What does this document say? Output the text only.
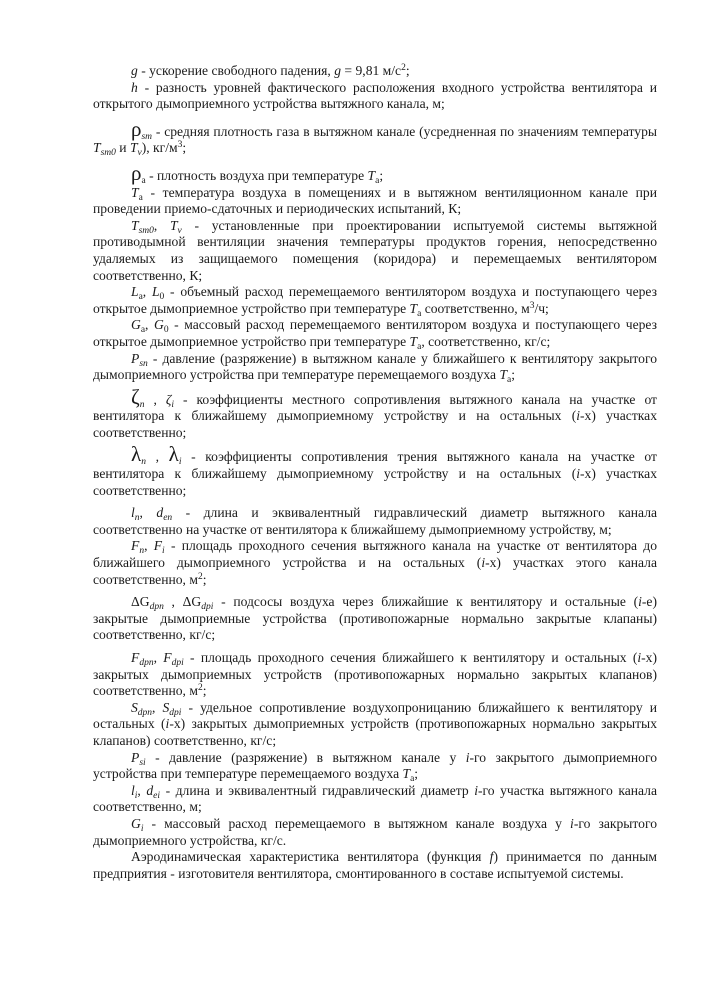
g - ускорение свободного падения, g = 9,81 $м/с^2$;

h - разность уровней фактического расположения входного устройства вентилятора и открытого дымоприемного устройства вытяжного канала, м;

$\rho_{sm}$ - средняя плотность газа в вытяжном канале (усредненная по значениям температуры $T_{sm0}$ и $T_v$), $кг/м^3$;

$\rho_a$ - плотность воздуха при температуре $T_a$;

$T_a$ - температура воздуха в помещениях и в вытяжном вентиляционном канале при проведении приемо-сдаточных и периодических испытаний, К;

$T_{sm0}$, $T_v$ - установленные при проектировании испытуемой системы вытяжной противодымной вентиляции значения температуры продуктов горения, непосредственно удаляемых из защищаемого помещения (коридора) и перемещаемых вентилятором соответственно, К;

$L_a$, $L_0$ - объемный расход перемещаемого вентилятором воздуха и поступающего через открытое дымоприемное устройство при температуре $T_a$ соответственно, $м^3/ч$;

$G_a$, $G_0$ - массовый расход перемещаемого вентилятором воздуха и поступающего через открытое дымоприемное устройство при температуре $T_a$, соответственно, кг/с;

$P_{sn}$ - давление (разряжение) в вытяжном канале у ближайшего к вентилятору закрытого дымоприемного устройства при температуре перемещаемого воздуха $T_a$;

$\zeta_n$ , $\zeta_i$ - коэффициенты местного сопротивления вытяжного канала на участке от вентилятора к ближайшему дымоприемному устройству и на остальных (i-х) участках соответственно;

$\lambda_n$ , $\lambda_i$ - коэффициенты сопротивления трения вытяжного канала на участке от вентилятора к ближайшему дымоприемному устройству и на остальных (i-х) участках соответственно;

$l_n$, $d_{en}$ - длина и эквивалентный гидравлический диаметр вытяжного канала соответственно на участке от вентилятора к ближайшему дымоприемному устройству, м;

$F_n$, $F_i$ - площадь проходного сечения вытяжного канала на участке от вентилятора до ближайшего дымоприемного устройства и на остальных (i-х) участках этого канала соответственно, $м^2$;

$\Delta G_{dpn}$ , $\Delta G_{dpi}$ - подсосы воздуха через ближайшие к вентилятору и остальные (i-е) закрытые дымоприемные устройства (противопожарные нормально закрытые клапаны) соответственно, кг/с;

$F_{dpn}$, $F_{dpi}$ - площадь проходного сечения ближайшего к вентилятору и остальных (i-х) закрытых дымоприемных устройств (противопожарных нормально закрытых клапанов) соответственно, $м^2$;

$S_{dpn}$, $S_{dpi}$ - удельное сопротивление воздухопроницанию ближайшего к вентилятору и остальных (i-х) закрытых дымоприемных устройств (противопожарных нормально закрытых клапанов) соответственно, кг/с;

$P_{si}$ - давление (разряжение) в вытяжном канале у i-го закрытого дымоприемного устройства при температуре перемещаемого воздуха $T_a$;

$l_i$, $d_{ei}$ - длина и эквивалентный гидравлический диаметр i-го участка вытяжного канала соответственно, м;

$G_i$ - массовый расход перемещаемого в вытяжном канале воздуха у i-го закрытого дымоприемного устройства, кг/с.

Аэродинамическая характеристика вентилятора (функция f) принимается по данным предприятия - изготовителя вентилятора, смонтированного в составе испытуемой системы.
